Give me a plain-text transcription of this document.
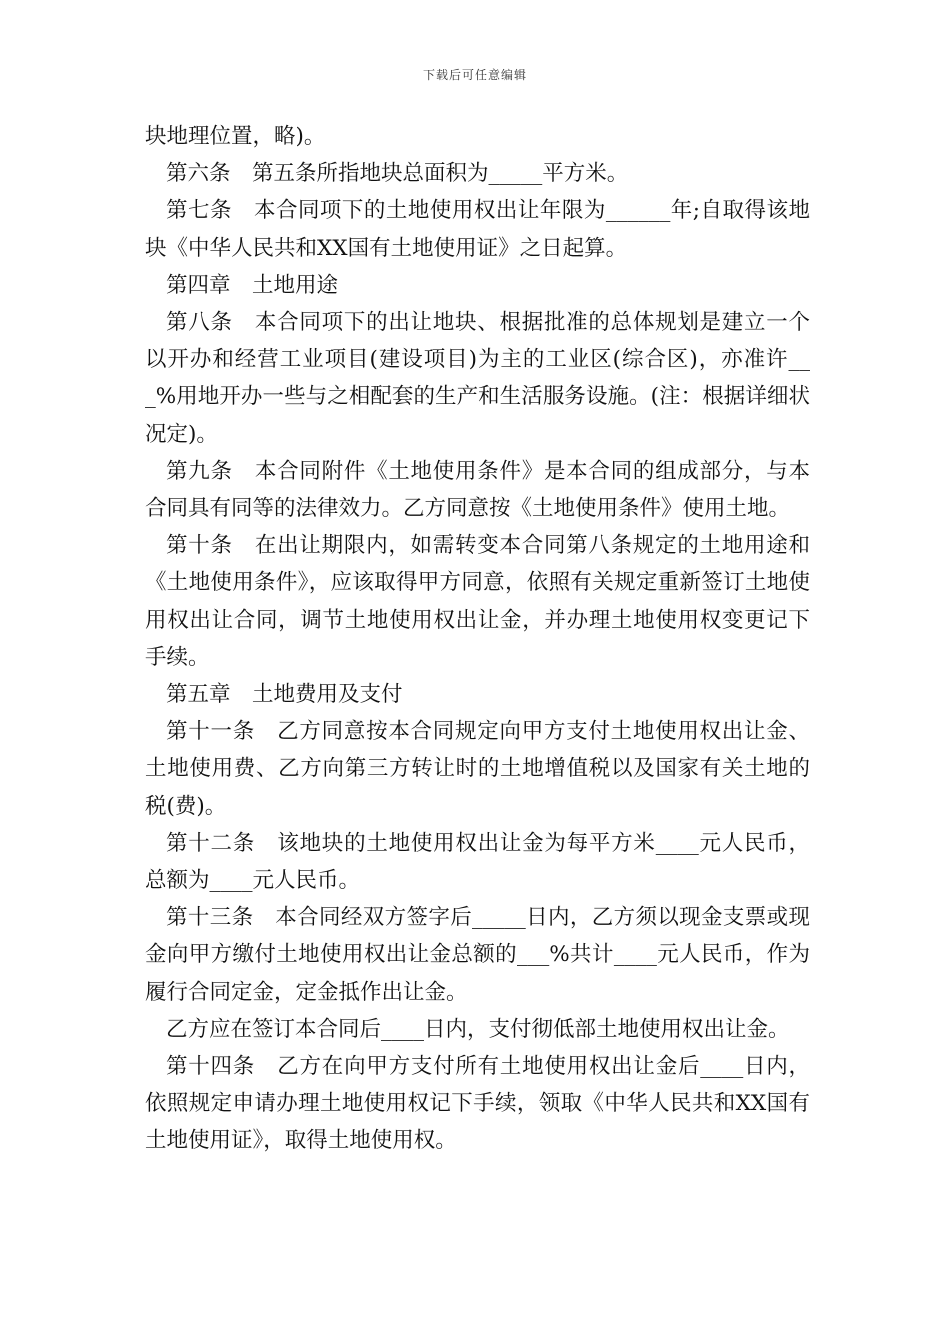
下载后可任意编辑

块地理位置，略)。

第六条　第五条所指地块总面积为_____平方米。

第七条　本合同项下的土地使用权出让年限为______年;自取得该地块《中华人民共和XX国有土地使用证》之日起算。

第四章　土地用途

第八条　本合同项下的出让地块、根据批准的总体规划是建立一个以开办和经营工业项目(建设项目)为主的工业区(综合区)，亦准许___%用地开办一些与之相配套的生产和生活服务设施。(注：根据详细状况定)。

第九条　本合同附件《土地使用条件》是本合同的组成部分，与本合同具有同等的法律效力。乙方同意按《土地使用条件》使用土地。

第十条　在出让期限内，如需转变本合同第八条规定的土地用途和《土地使用条件》，应该取得甲方同意，依照有关规定重新签订土地使用权出让合同，调节土地使用权出让金，并办理土地使用权变更记下手续。

第五章　土地费用及支付

第十一条　乙方同意按本合同规定向甲方支付土地使用权出让金、土地使用费、乙方向第三方转让时的土地增值税以及国家有关土地的税(费)。

第十二条　该地块的土地使用权出让金为每平方米____元人民币，总额为____元人民币。

第十三条　本合同经双方签字后_____日内，乙方须以现金支票或现金向甲方缴付土地使用权出让金总额的___%共计____元人民币，作为履行合同定金，定金抵作出让金。

乙方应在签订本合同后____日内，支付彻低部土地使用权出让金。

第十四条　乙方在向甲方支付所有土地使用权出让金后____日内，依照规定申请办理土地使用权记下手续，领取《中华人民共和XX国有土地使用证》，取得土地使用权。
